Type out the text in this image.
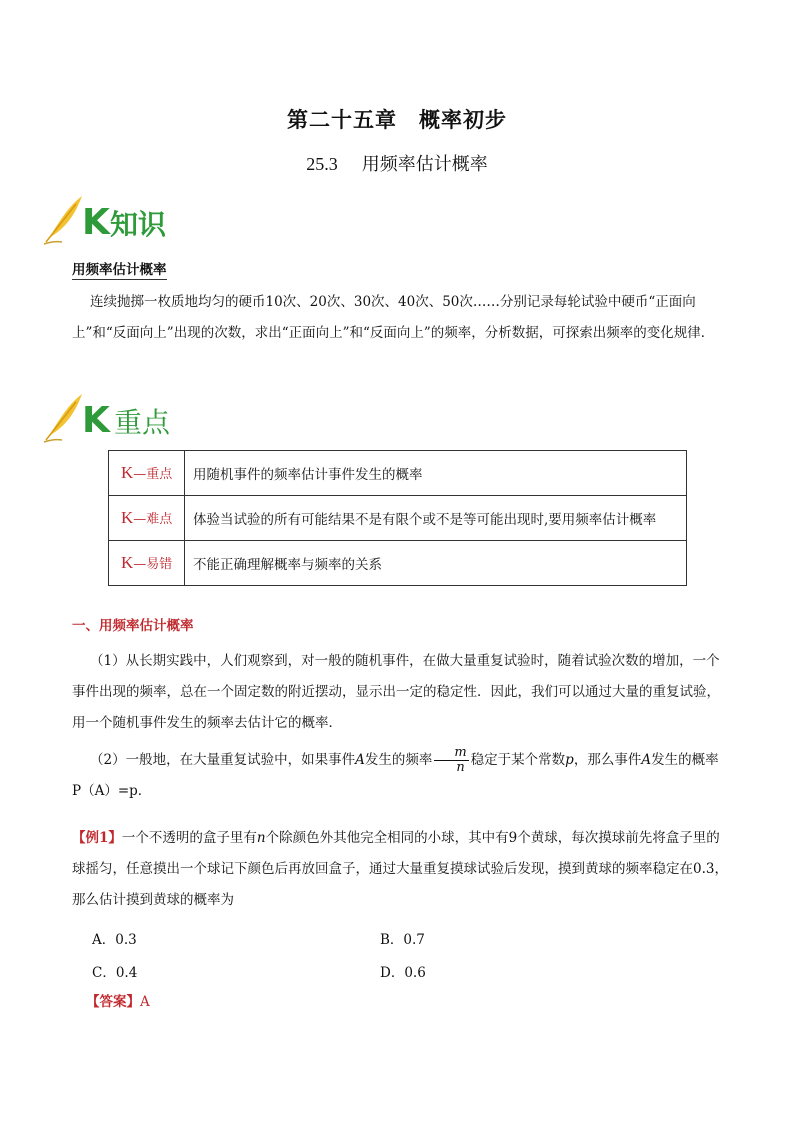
第二十五章　概率初步
25.3 用频率估计概率
K 知识
用频率估计概率
连续抛掷一枚质地均匀的硬币10次、20次、30次、40次、50次……分别记录每轮试验中硬币“正面向上”和“反面向上”出现的次数，求出“正面向上”和“反面向上”的频率，分析数据，可探索出频率的变化规律．
K 重点
K—重点	用随机事件的频率估计事件发生的概率
K—难点	体验当试验的所有可能结果不是有限个或不是等可能出现时,要用频率估计概率
K—易错	不能正确理解概率与频率的关系
一、用频率估计概率
（1）从长期实践中，人们观察到，对一般的随机事件，在做大量重复试验时，随着试验次数的增加，一个事件出现的频率，总在一个固定数的附近摆动，显示出一定的稳定性．因此，我们可以通过大量的重复试验，用一个随机事件发生的频率去估计它的概率．
（2）一般地，在大量重复试验中，如果事件A发生的频率 $\frac{m}{n}$ 稳定于某个常数p，那么事件A发生的概率
P（A）=p．
【例1】一个不透明的盒子里有n个除颜色外其他完全相同的小球，其中有9个黄球，每次摸球前先将盒子里的球摇匀，任意摸出一个球记下颜色后再放回盒子，通过大量重复摸球试验后发现，摸到黄球的频率稳定在0.3，那么估计摸到黄球的概率为
A．0.3	B．0.7
C．0.4	D．0.6
【答案】A
